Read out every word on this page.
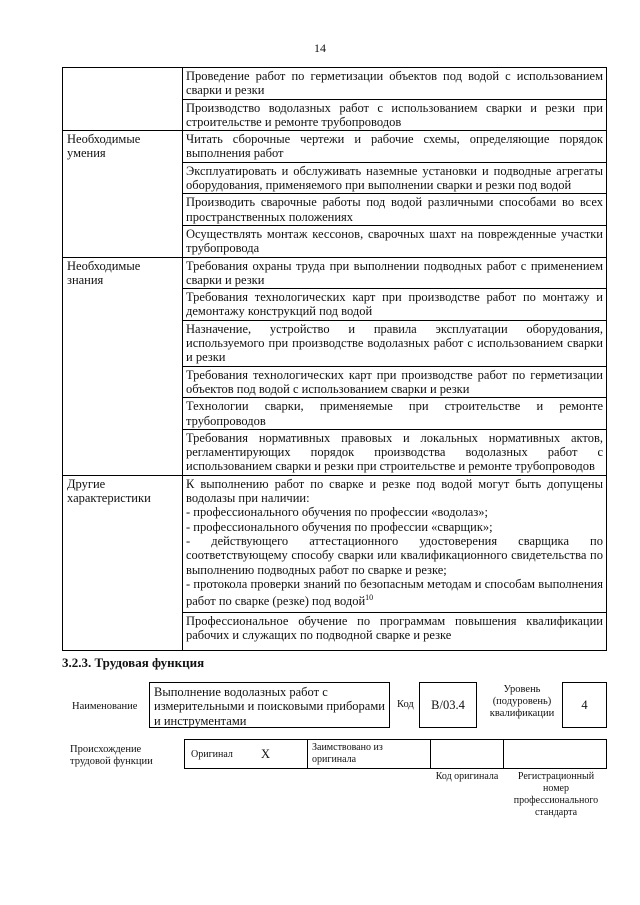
14
	Проведение работ по герметизации объектов под водой с использованием сварки и резки
	Производство водолазных работ с использованием сварки и резки при строительстве и ремонте трубопроводов
Необходимые умения	Читать сборочные чертежи и рабочие схемы, определяющие порядок выполнения работ
	Эксплуатировать и обслуживать наземные установки и подводные агрегаты оборудования, применяемого при выполнении сварки и резки под водой
	Производить сварочные работы под водой различными способами во всех пространственных положениях
	Осуществлять монтаж кессонов, сварочных шахт на поврежденные участки трубопровода
Необходимые знания	Требования охраны труда при выполнении подводных работ с применением сварки и резки
	Требования технологических карт при производстве работ по монтажу и демонтажу конструкций под водой
	Назначение, устройство и правила эксплуатации оборудования, используемого при производстве водолазных работ с использованием сварки и резки
	Требования технологических карт при производстве работ по герметизации объектов под водой с использованием сварки и резки
	Технологии сварки, применяемые при строительстве и ремонте трубопроводов
	Требования нормативных правовых и локальных нормативных актов, регламентирующих порядок производства водолазных работ с использованием сварки и резки при строительстве и ремонте трубопроводов
Другие характеристики	К выполнению работ по сварке и резке под водой могут быть допущены водолазы при наличии:
- профессионального обучения по профессии «водолаз»;
- профессионального обучения по профессии «сварщик»;
- действующего аттестационного удостоверения сварщика по соответствующему способу сварки или квалификационного свидетельства по выполнению подводных работ по сварке и резке;
- протокола проверки знаний по безопасным методам и способам выполнения работ по сварке (резке) под водой$^{10}$

	Профессиональное обучение по программам повышения квалификации рабочих и служащих по подводной сварке и резке
3.2.3. Трудовая функция
Наименование
Выполнение водолазных работ с измерительными и поисковыми приборами и инструментами
Код	B/03.4
Уровень (подуровень) квалификации
4
Происхождение трудовой функции
Оригинал X	Заимствовано из оригинала
Код оригинала	Регистрационный номер профессионального стандарта
